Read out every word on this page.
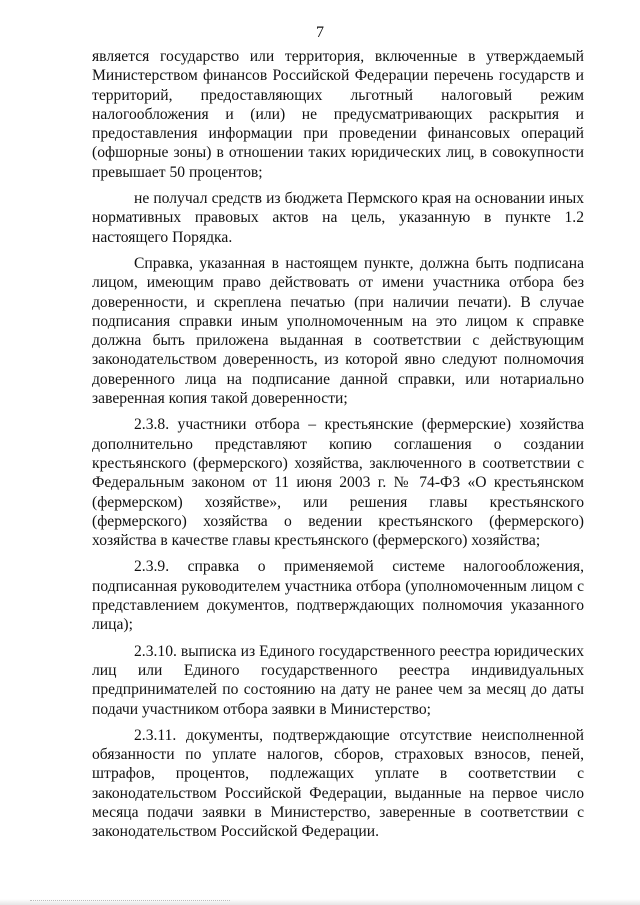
7

является государство или территория, включенные в утверждаемый Министерством финансов Российской Федерации перечень государств и территорий, предоставляющих льготный налоговый режим налогообложения и (или) не предусматривающих раскрытия и предоставления информации при проведении финансовых операций (офшорные зоны) в отношении таких юридических лиц, в совокупности превышает 50 процентов;

не получал средств из бюджета Пермского края на основании иных нормативных правовых актов на цель, указанную в пункте 1.2 настоящего Порядка.

Справка, указанная в настоящем пункте, должна быть подписана лицом, имеющим право действовать от имени участника отбора без доверенности, и скреплена печатью (при наличии печати). В случае подписания справки иным уполномоченным на это лицом к справке должна быть приложена выданная в соответствии с действующим законодательством доверенность, из которой явно следуют полномочия доверенного лица на подписание данной справки, или нотариально заверенная копия такой доверенности;

2.3.8. участники отбора – крестьянские (фермерские) хозяйства дополнительно представляют копию соглашения о создании крестьянского (фермерского) хозяйства, заключенного в соответствии с Федеральным законом от 11 июня 2003 г. № 74-ФЗ «О крестьянском (фермерском) хозяйстве», или решения главы крестьянского (фермерского) хозяйства о ведении крестьянского (фермерского) хозяйства в качестве главы крестьянского (фермерского) хозяйства;

2.3.9. справка о применяемой системе налогообложения, подписанная руководителем участника отбора (уполномоченным лицом с представлением документов, подтверждающих полномочия указанного лица);

2.3.10. выписка из Единого государственного реестра юридических лиц или Единого государственного реестра индивидуальных предпринимателей по состоянию на дату не ранее чем за месяц до даты подачи участником отбора заявки в Министерство;

2.3.11. документы, подтверждающие отсутствие неисполненной обязанности по уплате налогов, сборов, страховых взносов, пеней, штрафов, процентов, подлежащих уплате в соответствии с законодательством Российской Федерации, выданные на первое число месяца подачи заявки в Министерство, заверенные в соответствии с законодательством Российской Федерации.
